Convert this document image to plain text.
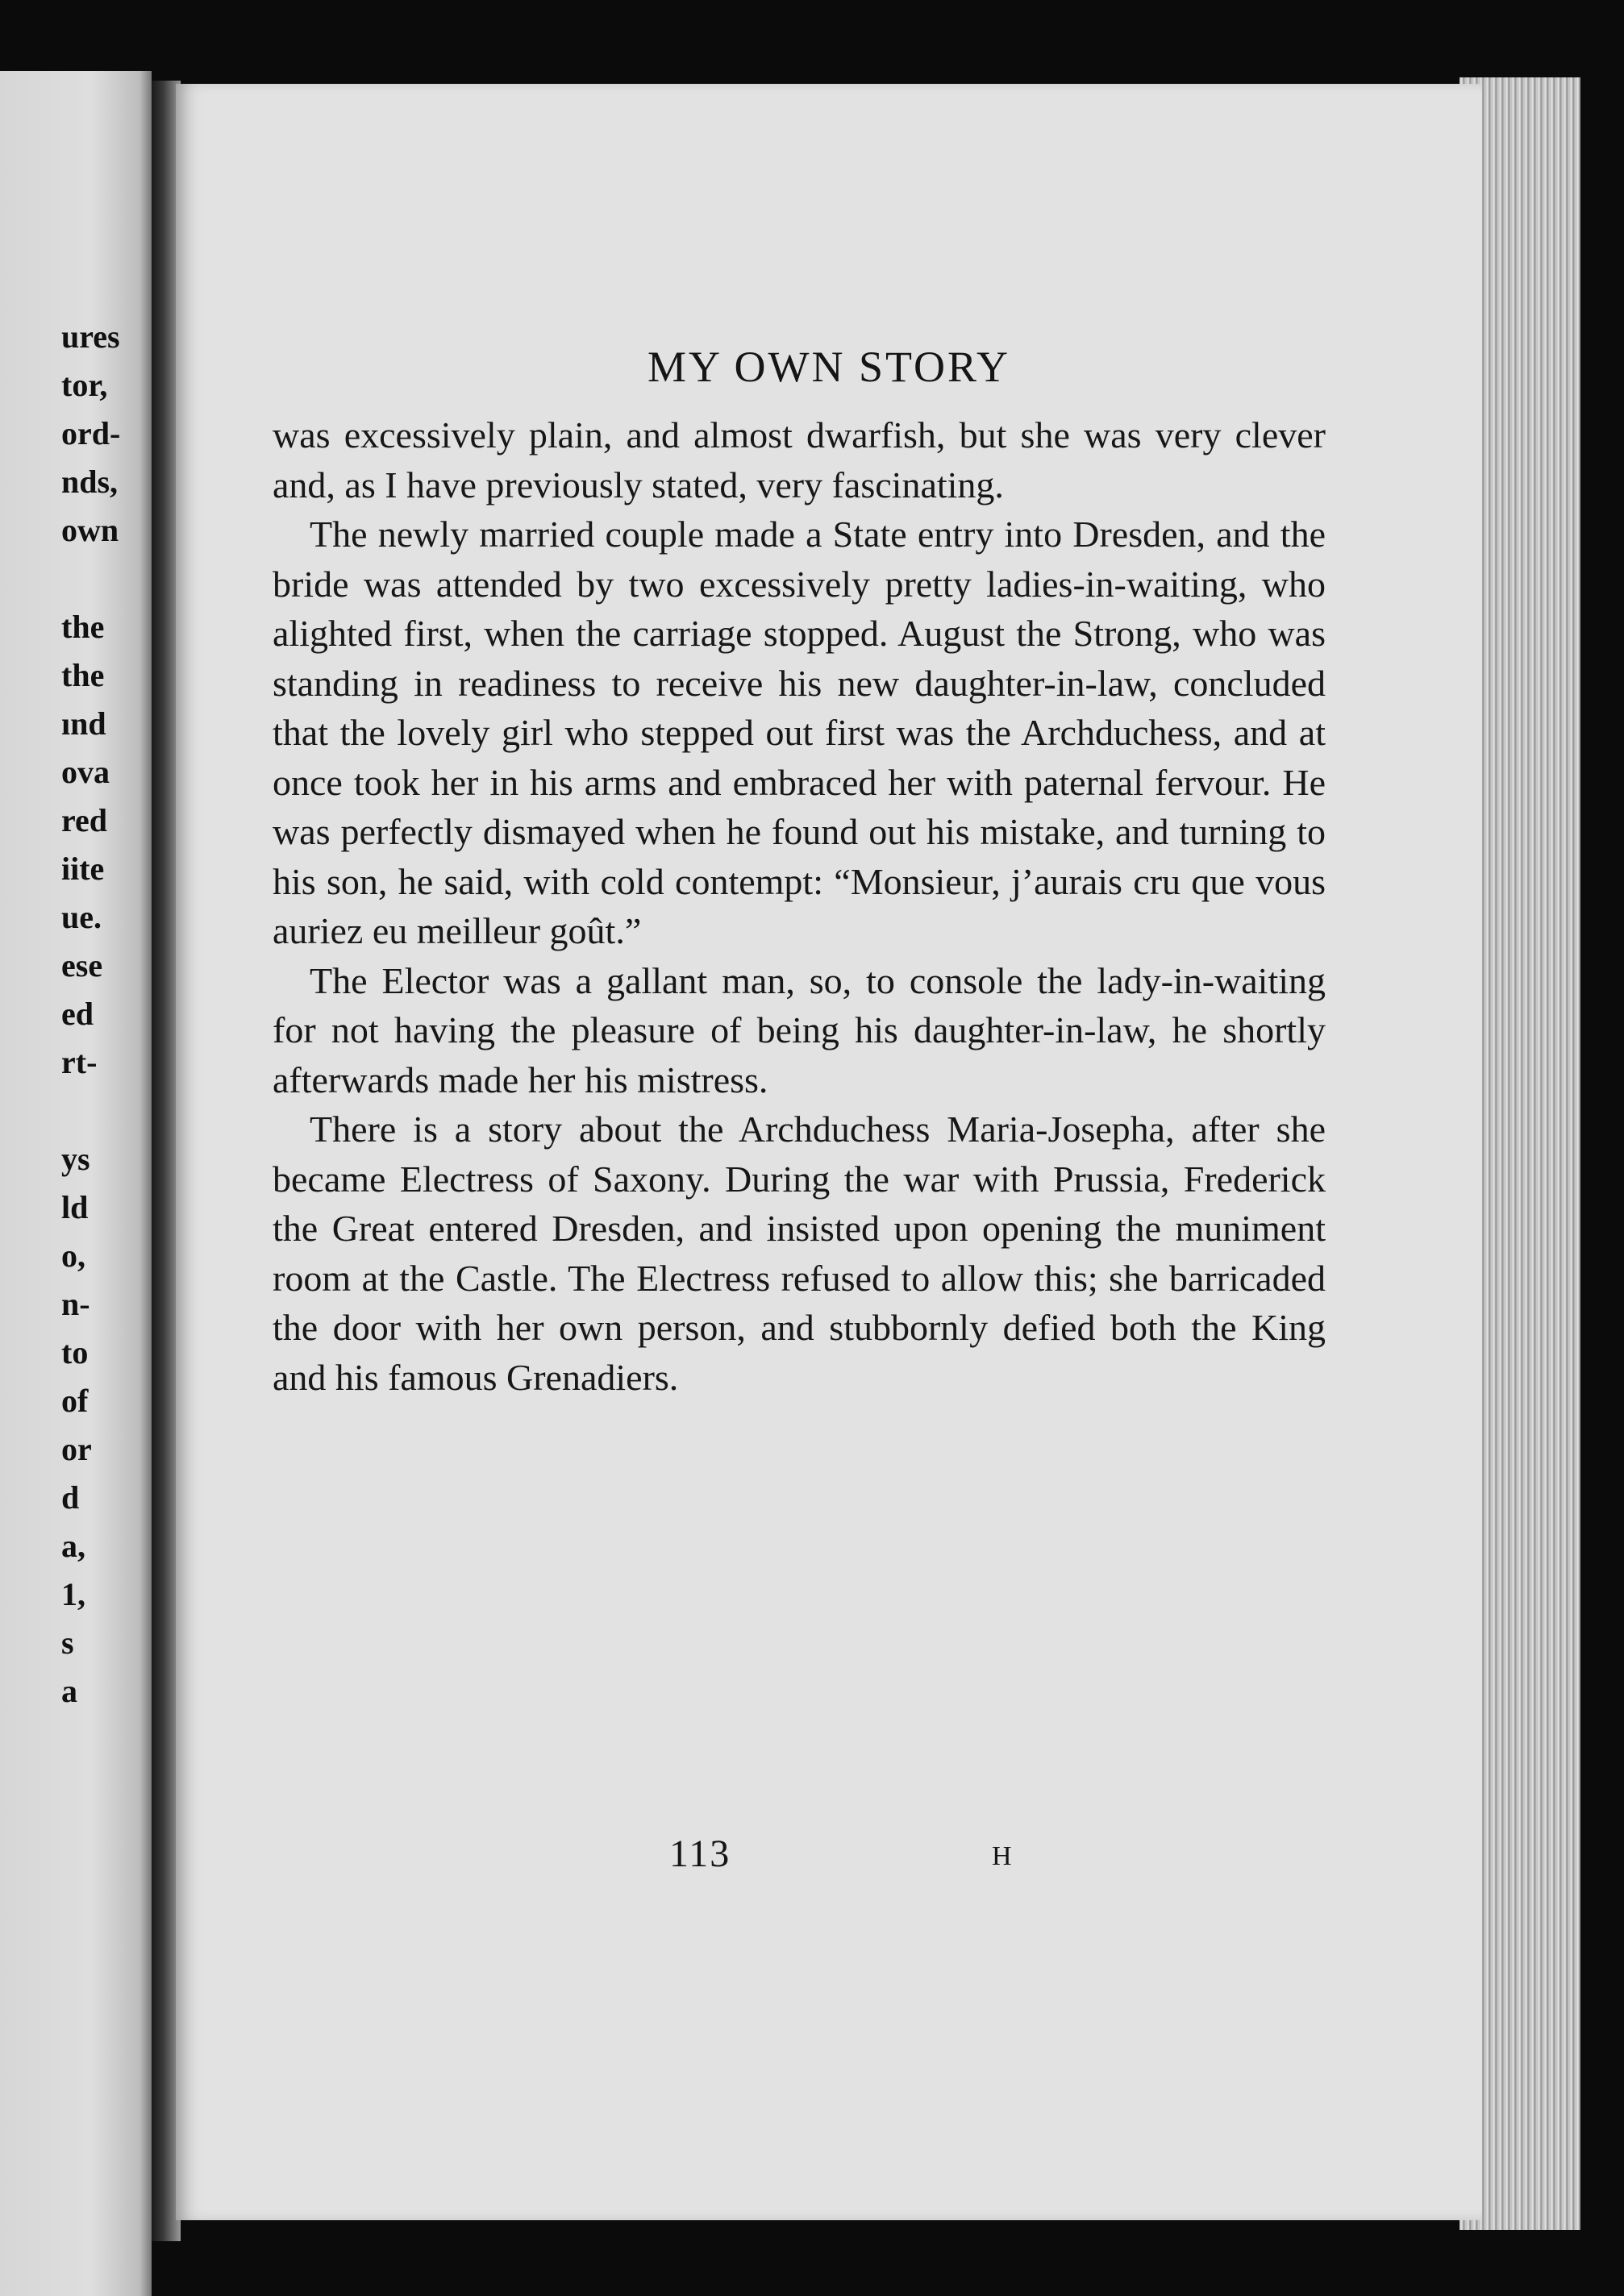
ures

tor,

ord-

nds,

own

the

the

ınd

ova

red

iite

ue.

ese

ed

rt-

ys

ld

o,

n-

to

of

or

d

a,

1,

s

a

MY OWN STORY

was excessively plain, and almost dwarfish, but she was very clever and, as I have previously stated, very fascinating.

The newly married couple made a State entry into Dresden, and the bride was attended by two excessively pretty ladies-in-waiting, who alighted first, when the carriage stopped. August the Strong, who was standing in readiness to receive his new daughter-in-law, concluded that the lovely girl who stepped out first was the Archduchess, and at once took her in his arms and embraced her with paternal fervour. He was perfectly dismayed when he found out his mistake, and turning to his son, he said, with cold contempt: “Monsieur, j’aurais cru que vous auriez eu meilleur goût.”

The Elector was a gallant man, so, to console the lady-in-waiting for not having the pleasure of being his daughter-in-law, he shortly afterwards made her his mistress.

There is a story about the Archduchess Maria-Josepha, after she became Electress of Saxony. During the war with Prussia, Frederick the Great entered Dresden, and insisted upon opening the muniment room at the Castle. The Electress refused to allow this; she barricaded the door with her own person, and stubbornly defied both the King and his famous Grenadiers.

113	H
